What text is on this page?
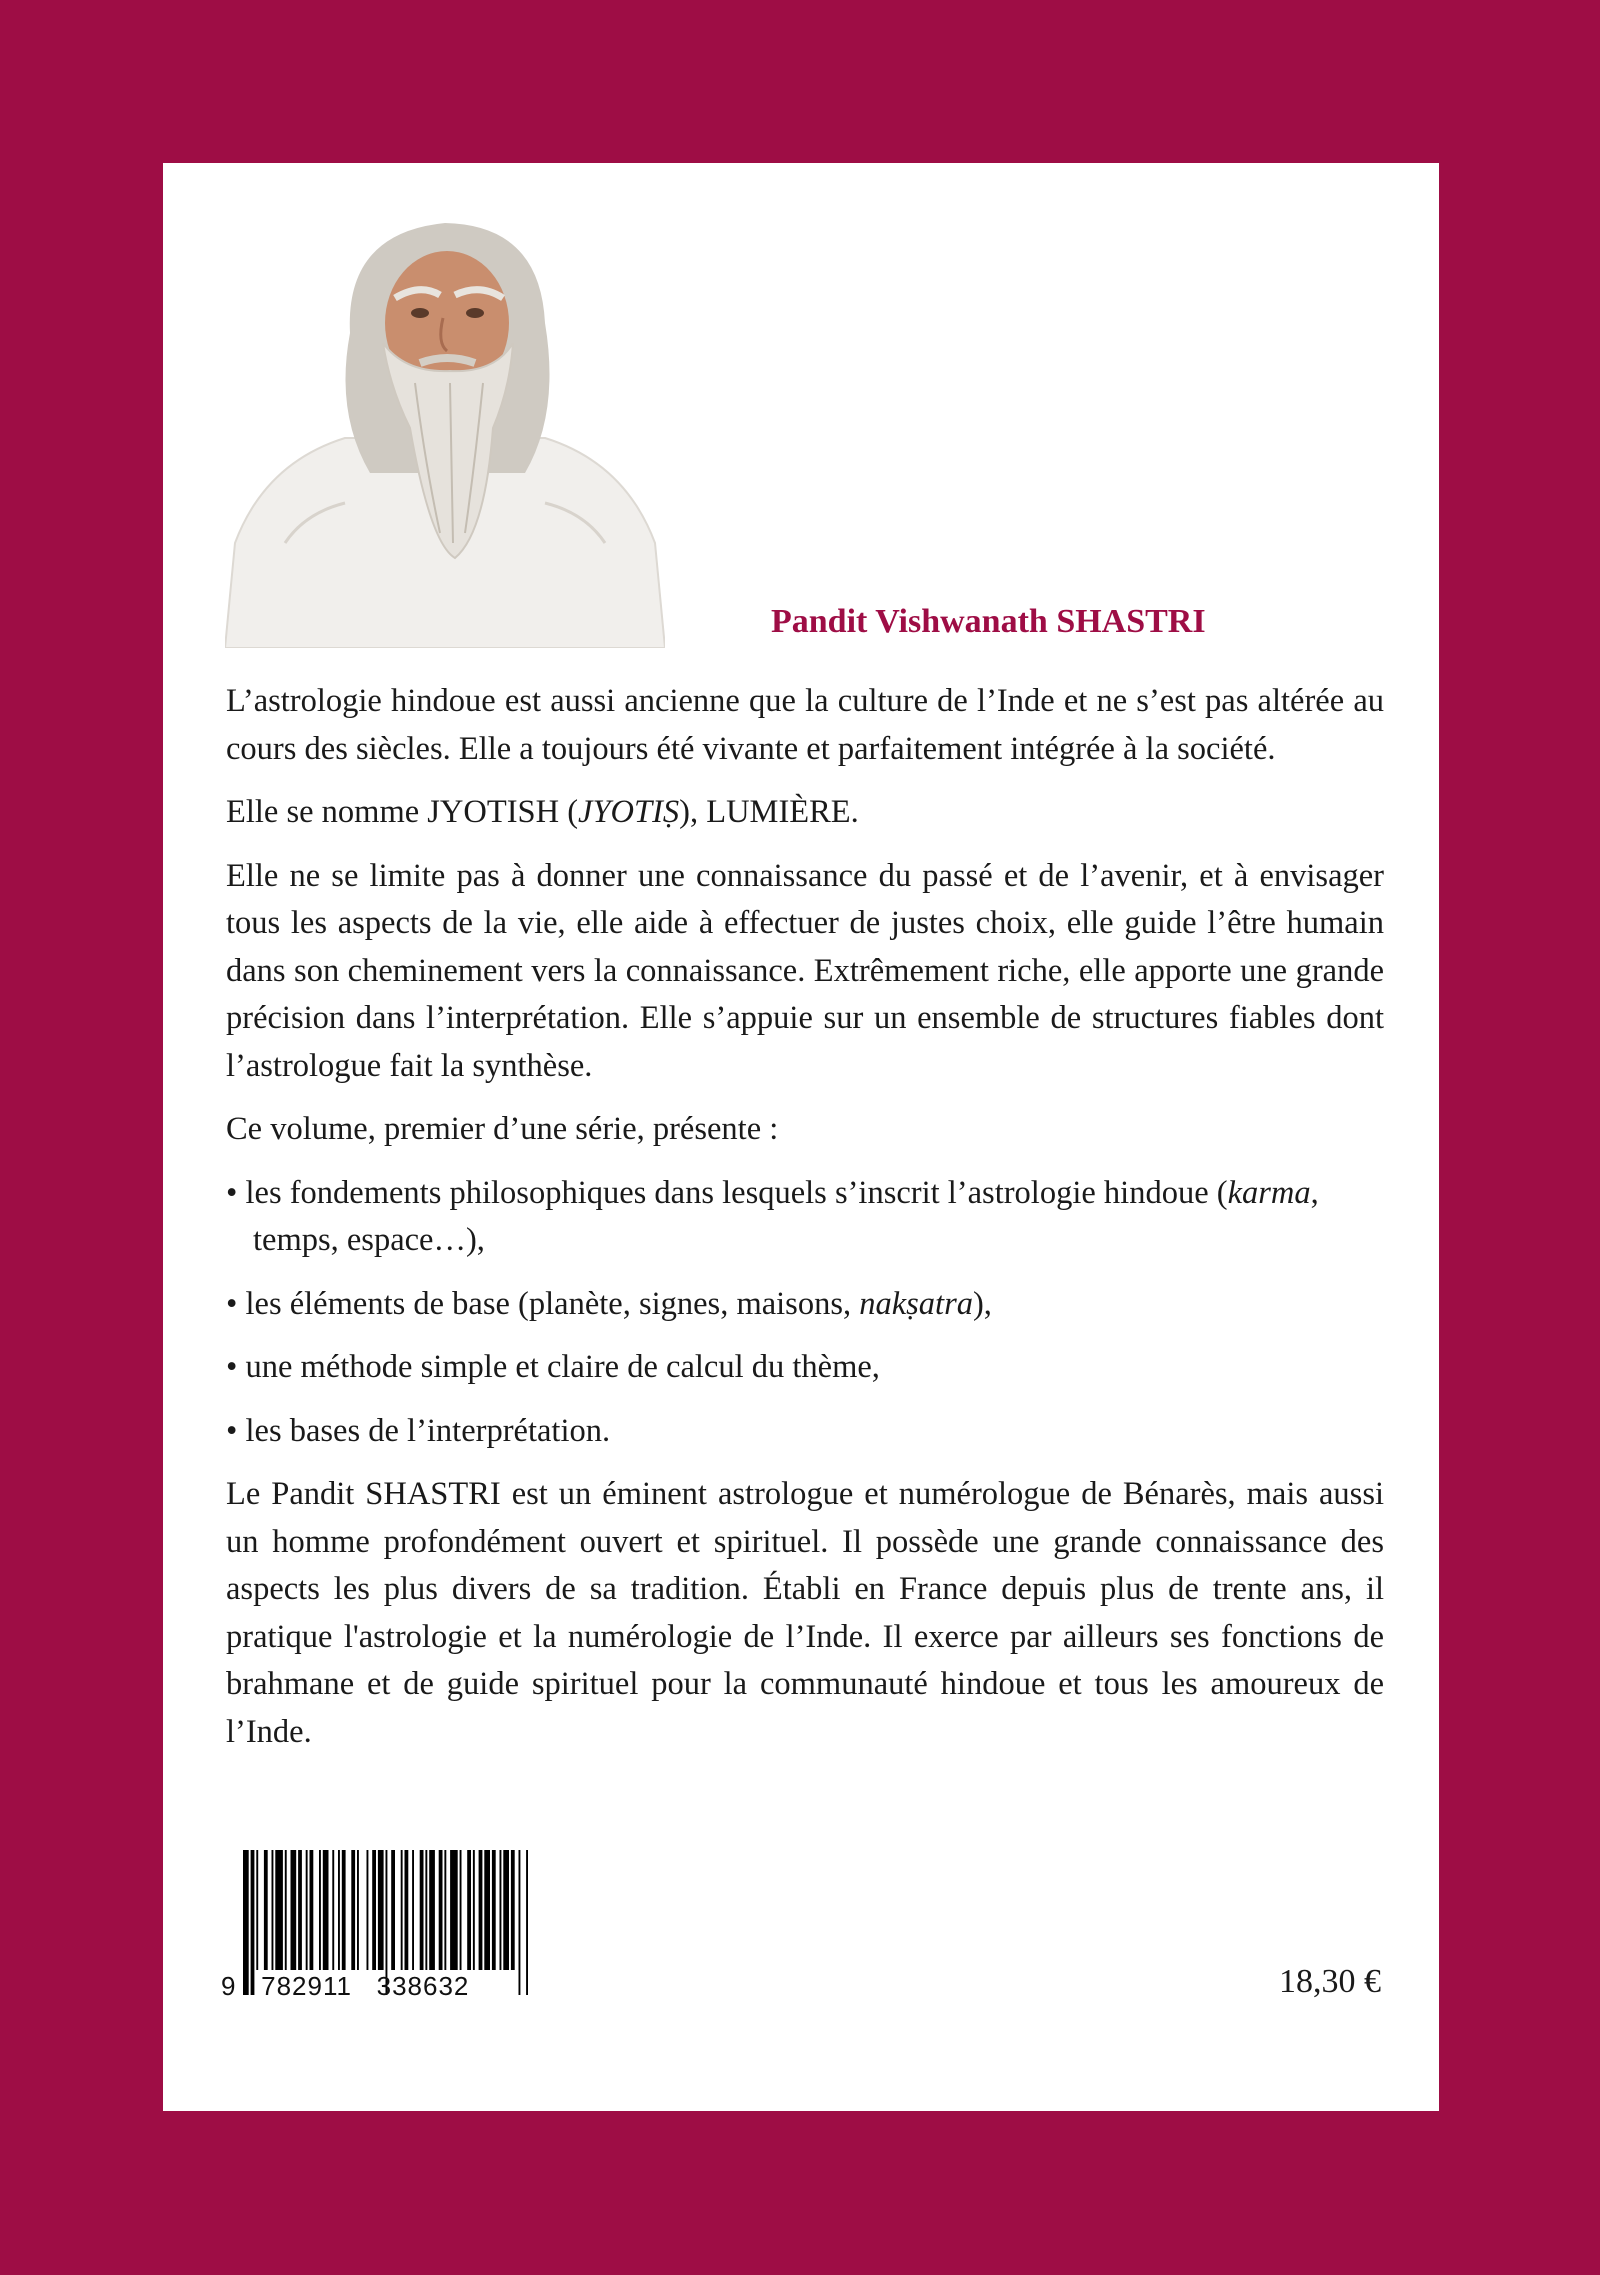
Pandit Vishwanath SHASTRI

L’astrologie hindoue est aussi ancienne que la culture de l’Inde et ne s’est pas altérée au cours des siècles. Elle a toujours été vivante et parfaitement intégrée à la société.

Elle se nomme JYOTISH (JYOTIṢ), LUMIÈRE.

Elle ne se limite pas à donner une connaissance du passé et de l’avenir, et à envisager tous les aspects de la vie, elle aide à effectuer de justes choix, elle guide l’être humain dans son cheminement vers la connaissance. Extrêmement riche, elle apporte une grande précision dans l’interprétation. Elle s’appuie sur un ensemble de structures fiables dont l’astrologue fait la synthèse.

Ce volume, premier d’une série, présente :

• les fondements philosophiques dans lesquels s’inscrit l’astrologie hindoue (karma, temps, espace…),

• les éléments de base (planète, signes, maisons, nakṣatra),

• une méthode simple et claire de calcul du thème,

• les bases de l’interprétation.

Le Pandit SHASTRI est un éminent astrologue et numérologue de Bénarès, mais aussi un homme profondément ouvert et spirituel. Il possède une grande connaissance des aspects les plus divers de sa tradition. Établi en France depuis plus de trente ans, il pratique l'astrologie et la numérologie de l’Inde. Il exerce par ailleurs ses fonctions de brahmane et de guide spirituel pour la communauté hindoue et tous les amoureux de l’Inde.

9   782911   338632	18,30 €
